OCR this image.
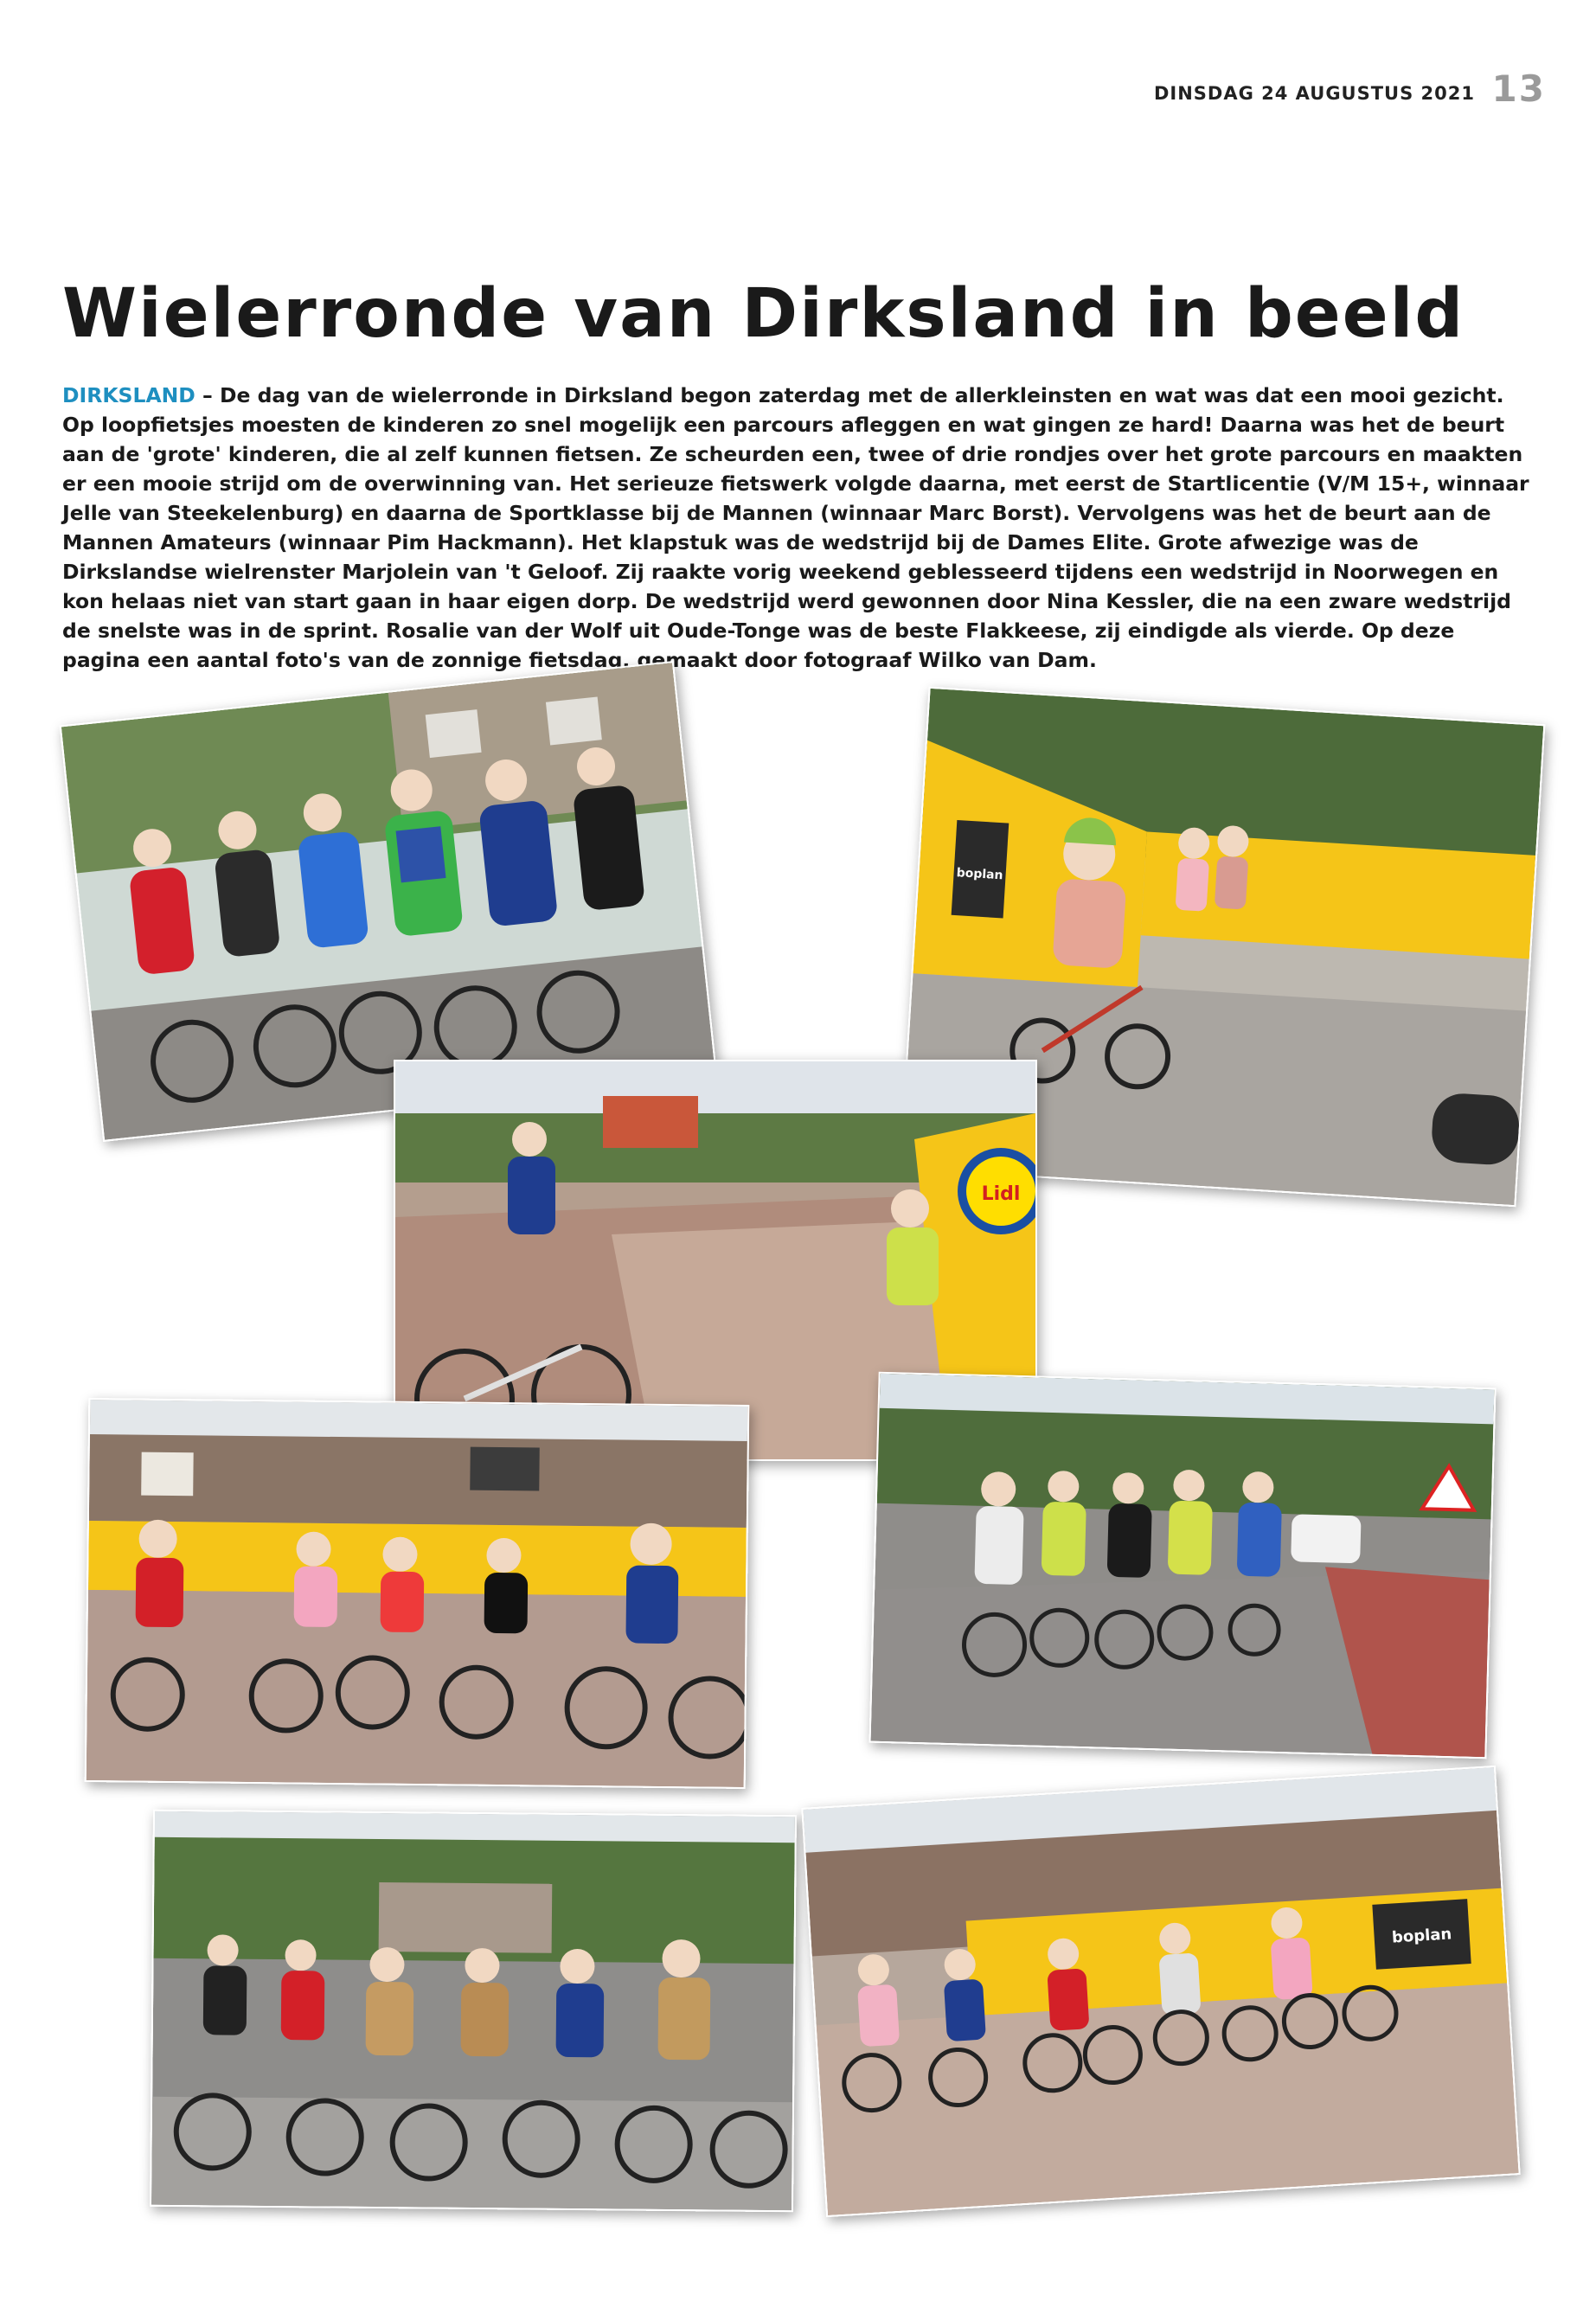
DINSDAG 24 AUGUSTUS 2021 13
Wielerronde van Dirksland in beeld

DIRKSLAND – De dag van de wielerronde in Dirksland begon zaterdag met de allerkleinsten en wat was dat een mooi gezicht. Op loopfietsjes moesten de kinderen zo snel mogelijk een parcours afleggen en wat gingen ze hard! Daarna was het de beurt aan de 'grote' kinderen, die al zelf kunnen fietsen. Ze scheurden een, twee of drie rondjes over het grote parcours en maakten er een mooie strijd om de overwinning van. Het serieuze fietswerk volgde daarna, met eerst de Startlicentie (V/M 15+, winnaar Jelle van Steekelenburg) en daarna de Sportklasse bij de Mannen (winnaar Marc Borst). Vervolgens was het de beurt aan de Mannen Amateurs (winnaar Pim Hackmann). Het klapstuk was de wedstrijd bij de Dames Elite. Grote afwezige was de Dirkslandse wielrenster Marjolein van 't Geloof. Zij raakte vorig weekend geblesseerd tijdens een wedstrijd in Noorwegen en kon helaas niet van start gaan in haar eigen dorp. De wedstrijd werd gewonnen door Nina Kessler, die na een zware wedstrijd de snelste was in de sprint. Rosalie van der Wolf uit Oude-Tonge was de beste Flakkeese, zij eindigde als vierde. Op deze pagina een aantal foto's van de zonnige fietsdag, gemaakt door fotograaf Wilko van Dam.

boplan
Lidl
boplan
